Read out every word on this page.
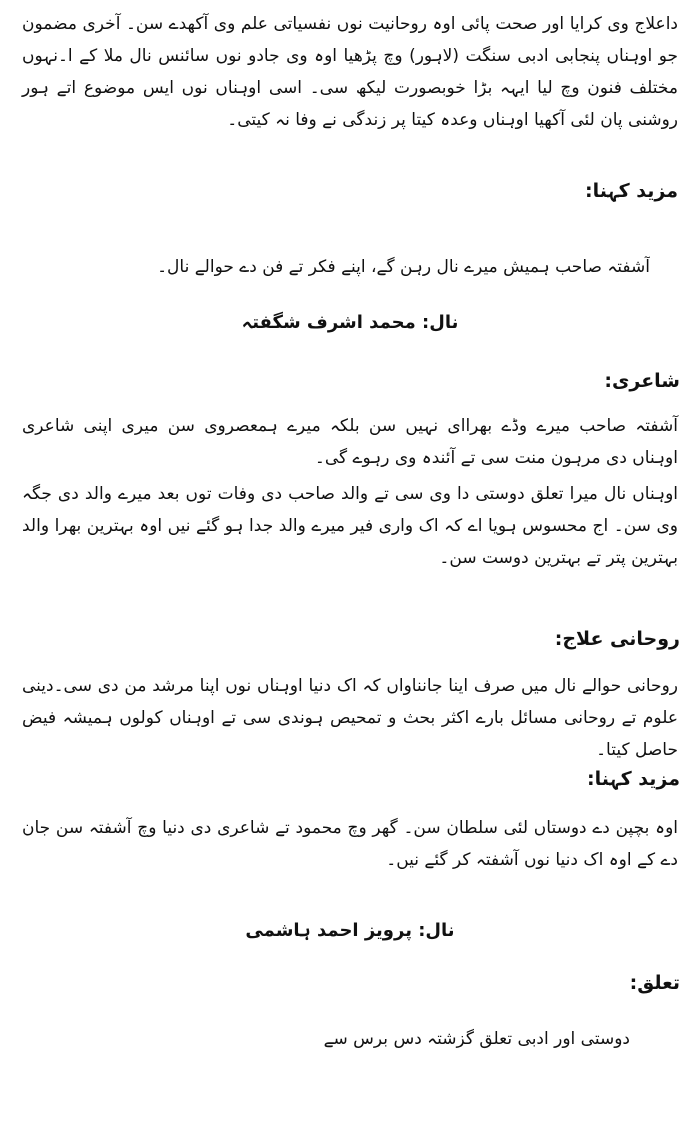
داعلاج وی کرایا اور صحت پائی اوہ روحانیت نوں نفسیاتی علم وی آکھدے سن۔ آخری مضمون جو اوہناں پنجابی ادبی سنگت (لاہور) وچ پڑھیا اوہ وی جادو نوں سائنس نال ملا کے ا۔نہوں مختلف فنون وچ لیا ایہہ بڑا خوبصورت لیکھ سی۔ اسی اوہناں نوں ایس موضوع اتے ہور روشنی پان لئی آکھیا اوہناں وعدہ کیتا پر زندگی نے وفا نہ کیتی۔

مزید کہنا:
آشفتہ صاحب ہمیش میرے نال رہن گے، اپنے فکر تے فن دے حوالے نال۔
نال: محمد اشرف شگفتہ
شاعری:

آشفتہ صاحب میرے وڈے بھراای نہیں سن بلکہ میرے ہمعصروی سن میری اپنی شاعری اوہناں دی مرہون منت سی تے آئندہ وی رہوے گی۔

اوہناں نال میرا تعلق دوستی دا وی سی تے والد صاحب دی وفات توں بعد میرے والد دی جگہ وی سن۔ اج محسوس ہویا اے کہ اک واری فیر میرے والد جدا ہو گئے نیں اوہ بہترین بھرا والد بہترین پتر تے بہترین دوست سن۔

روحانی علاج:

روحانی حوالے نال میں صرف اینا جانناواں کہ اک دنیا اوہناں نوں اپنا مرشد من دی سی۔دینی علوم تے روحانی مسائل بارے اکثر بحث و تمحیص ہوندی سی تے اوہناں کولوں ہمیشہ فیض حاصل کیتا۔

مزید کہنا:

اوہ بچپن دے دوستاں لئی سلطان سن۔ گھر وچ محمود تے شاعری دی دنیا وچ آشفتہ سن جان دے کے اوہ اک دنیا نوں آشفتہ کر گئے نیں۔

نال: پرویز احمد ہاشمی
تعلق:
دوستی اور ادبی تعلق گزشتہ دس برس سے
